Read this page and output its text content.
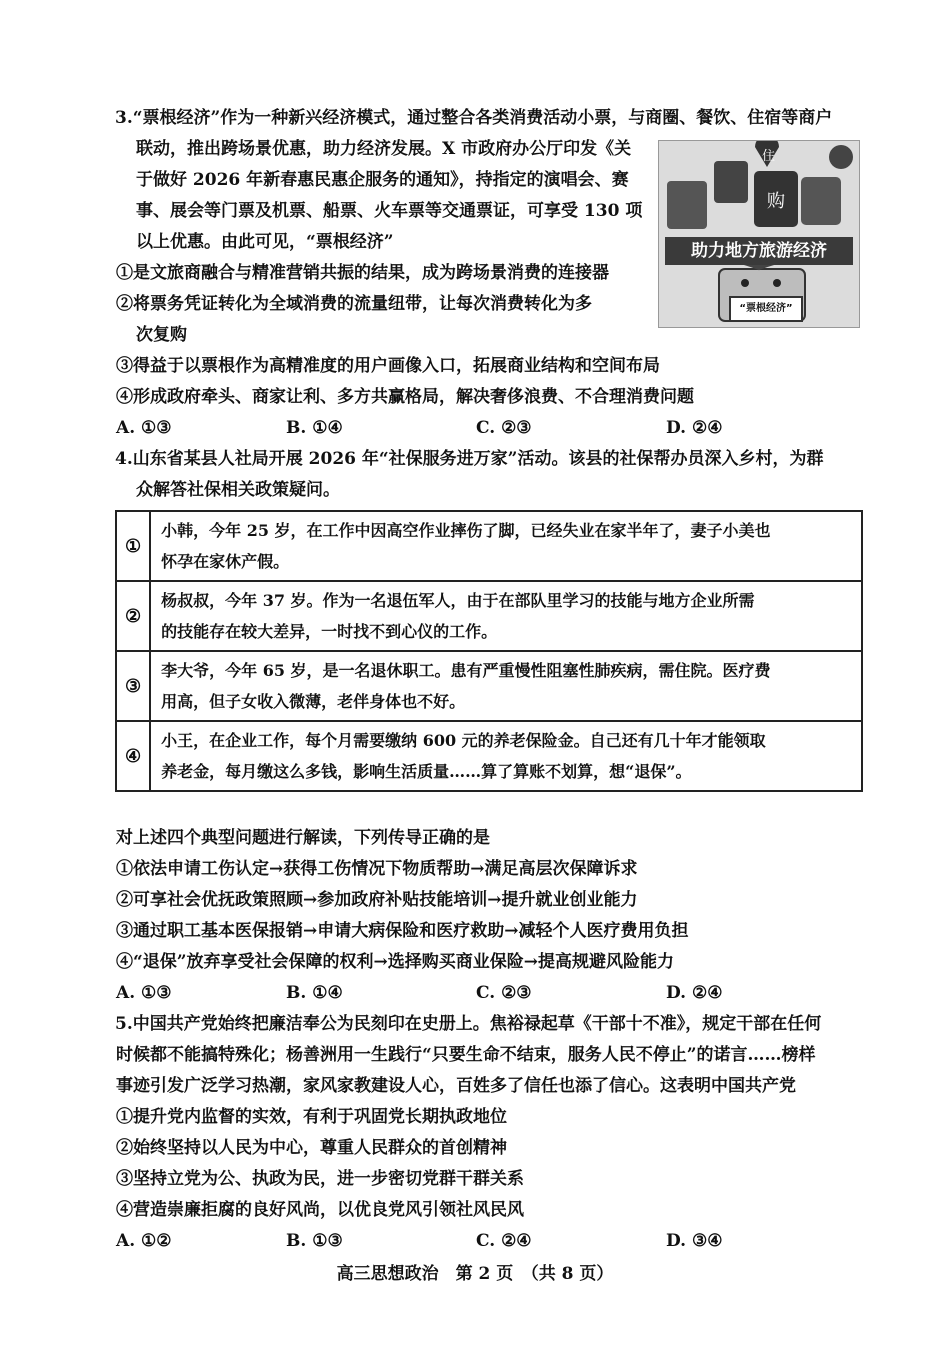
3.“票根经济”作为一种新兴经济模式，通过整合各类消费活动小票，与商圈、餐饮、住宿等商户
联动，推出跨场景优惠，助力经济发展。X 市政府办公厅印发《关
于做好 2026 年新春惠民惠企服务的通知》，持指定的演唱会、赛
事、展会等门票及机票、船票、火车票等交通票证，可享受 130 项
以上优惠。由此可见，“票根经济”
①是文旅商融合与精准营销共振的结果，成为跨场景消费的连接器
②将票务凭证转化为全域消费的流量纽带，让每次消费转化为多
次复购
③得益于以票根作为高精准度的用户画像入口，拓展商业结构和空间布局
④形成政府牵头、商家让利、多方共赢格局，解决奢侈浪费、不合理消费问题
住
购
助力地方旅游经济
“票根经济”
A. ①③	B. ①④	C. ②③	D. ②④
4.山东省某县人社局开展 2026 年“社保服务进万家”活动。该县的社保帮办员深入乡村，为群
众解答社保相关政策疑问。
①	小韩，今年 25 岁，在工作中因高空作业摔伤了脚，已经失业在家半年了，妻子小美也
怀孕在家休产假。

②	杨叔叔，今年 37 岁。作为一名退伍军人，由于在部队里学习的技能与地方企业所需
的技能存在较大差异，一时找不到心仪的工作。

③	李大爷，今年 65 岁，是一名退休职工。患有严重慢性阻塞性肺疾病，需住院。医疗费
用高，但子女收入微薄，老伴身体也不好。

④	小王，在企业工作，每个月需要缴纳 600 元的养老保险金。自己还有几十年才能领取
养老金，每月缴这么多钱，影响生活质量……算了算账不划算，想“退保”。
对上述四个典型问题进行解读，下列传导正确的是
①依法申请工伤认定→获得工伤情况下物质帮助→满足高层次保障诉求
②可享社会优抚政策照顾→参加政府补贴技能培训→提升就业创业能力
③通过职工基本医保报销→申请大病保险和医疗救助→减轻个人医疗费用负担
④“退保”放弃享受社会保障的权利→选择购买商业保险→提高规避风险能力
A. ①③	B. ①④	C. ②③	D. ②④
5.中国共产党始终把廉洁奉公为民刻印在史册上。焦裕禄起草《干部十不准》，规定干部在任何
时候都不能搞特殊化；杨善洲用一生践行“只要生命不结束，服务人民不停止”的诺言……榜样
事迹引发广泛学习热潮，家风家教建设人心，百姓多了信任也添了信心。这表明中国共产党
①提升党内监督的实效，有利于巩固党长期执政地位
②始终坚持以人民为中心，尊重人民群众的首创精神
③坚持立党为公、执政为民，进一步密切党群干群关系
④营造崇廉拒腐的良好风尚，以优良党风引领社风民风
A. ①②	B. ①③	C. ②④	D. ③④
高三思想政治　第 2 页　（共 8 页）
